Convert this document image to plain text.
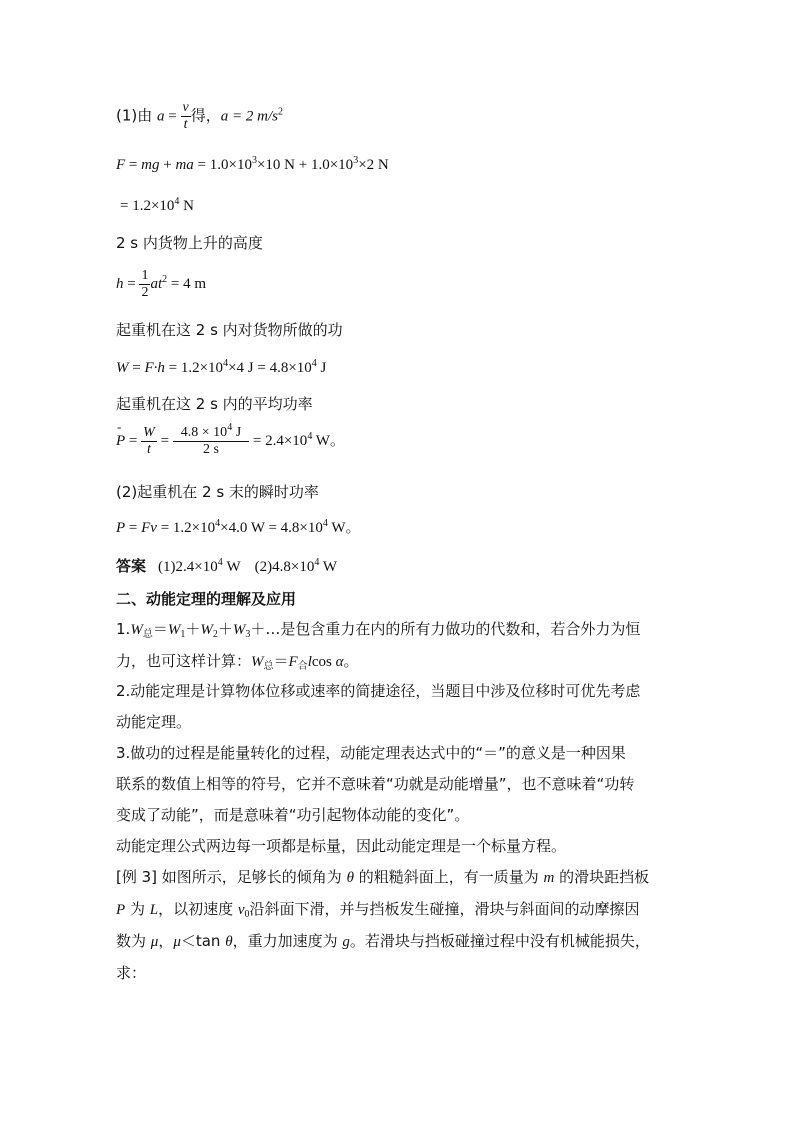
(1)由 $a = \frac{v}{t}$ 得，a = 2 $m/s^2$
F = mg + ma = $1.0\times 10^3\times 10$ $N + 1.0\times 10^3\times 2$ N
= $1.2\times 10^4$ N
2 s 内货物上升的高度
$h = \frac{1}{2} at^2 = 4$ m
起重机在这 2 s 内对货物所做的功
$W = F\cdot h = 1.2\times 10^4\times 4$ $J = 4.8\times 10^4$ J
起重机在这 2 s 内的平均功率
-
$P = \frac{W}{t} = \frac{4.8 \times 10^4 J}{2 s} = 2.4\times 10^4$ W。
(2)起重机在 2 s 末的瞬时功率
$P = Fv = 1.2\times 10^4\times 4.0$ $W = 4.8\times 10^4$ W。
答案 $(1)2.4\times 10^4$ W $(2)4.8\times 10^4$ W
二、动能定理的理解及应用
$1.W_总=W_1+W_2+W_3+\dots$是包含重力在内的所有力做功的代数和，若合外力为恒
力，也可这样计算：$W_总=F_合lcos$ α。
2.动能定理是计算物体位移或速率的简捷途径，当题目中涉及位移时可优先考虑
动能定理。
3.做功的过程是能量转化的过程，动能定理表达式中的“＝”的意义是一种因果
联系的数值上相等的符号，它并不意味着“功就是动能增量”，也不意味着“功转
变成了动能”，而是意味着“功引起物体动能的变化”。
动能定理公式两边每一项都是标量，因此动能定理是一个标量方程。
[例 3] 如图所示，足够长的倾角为 θ 的粗糙斜面上，有一质量为 m 的滑块距挡板
P 为 L，以初速度 $v_0$沿斜面下滑，并与挡板发生碰撞，滑块与斜面间的动摩擦因
数为 μ，μ＜tan θ，重力加速度为 g。若滑块与挡板碰撞过程中没有机械能损失，
求：
